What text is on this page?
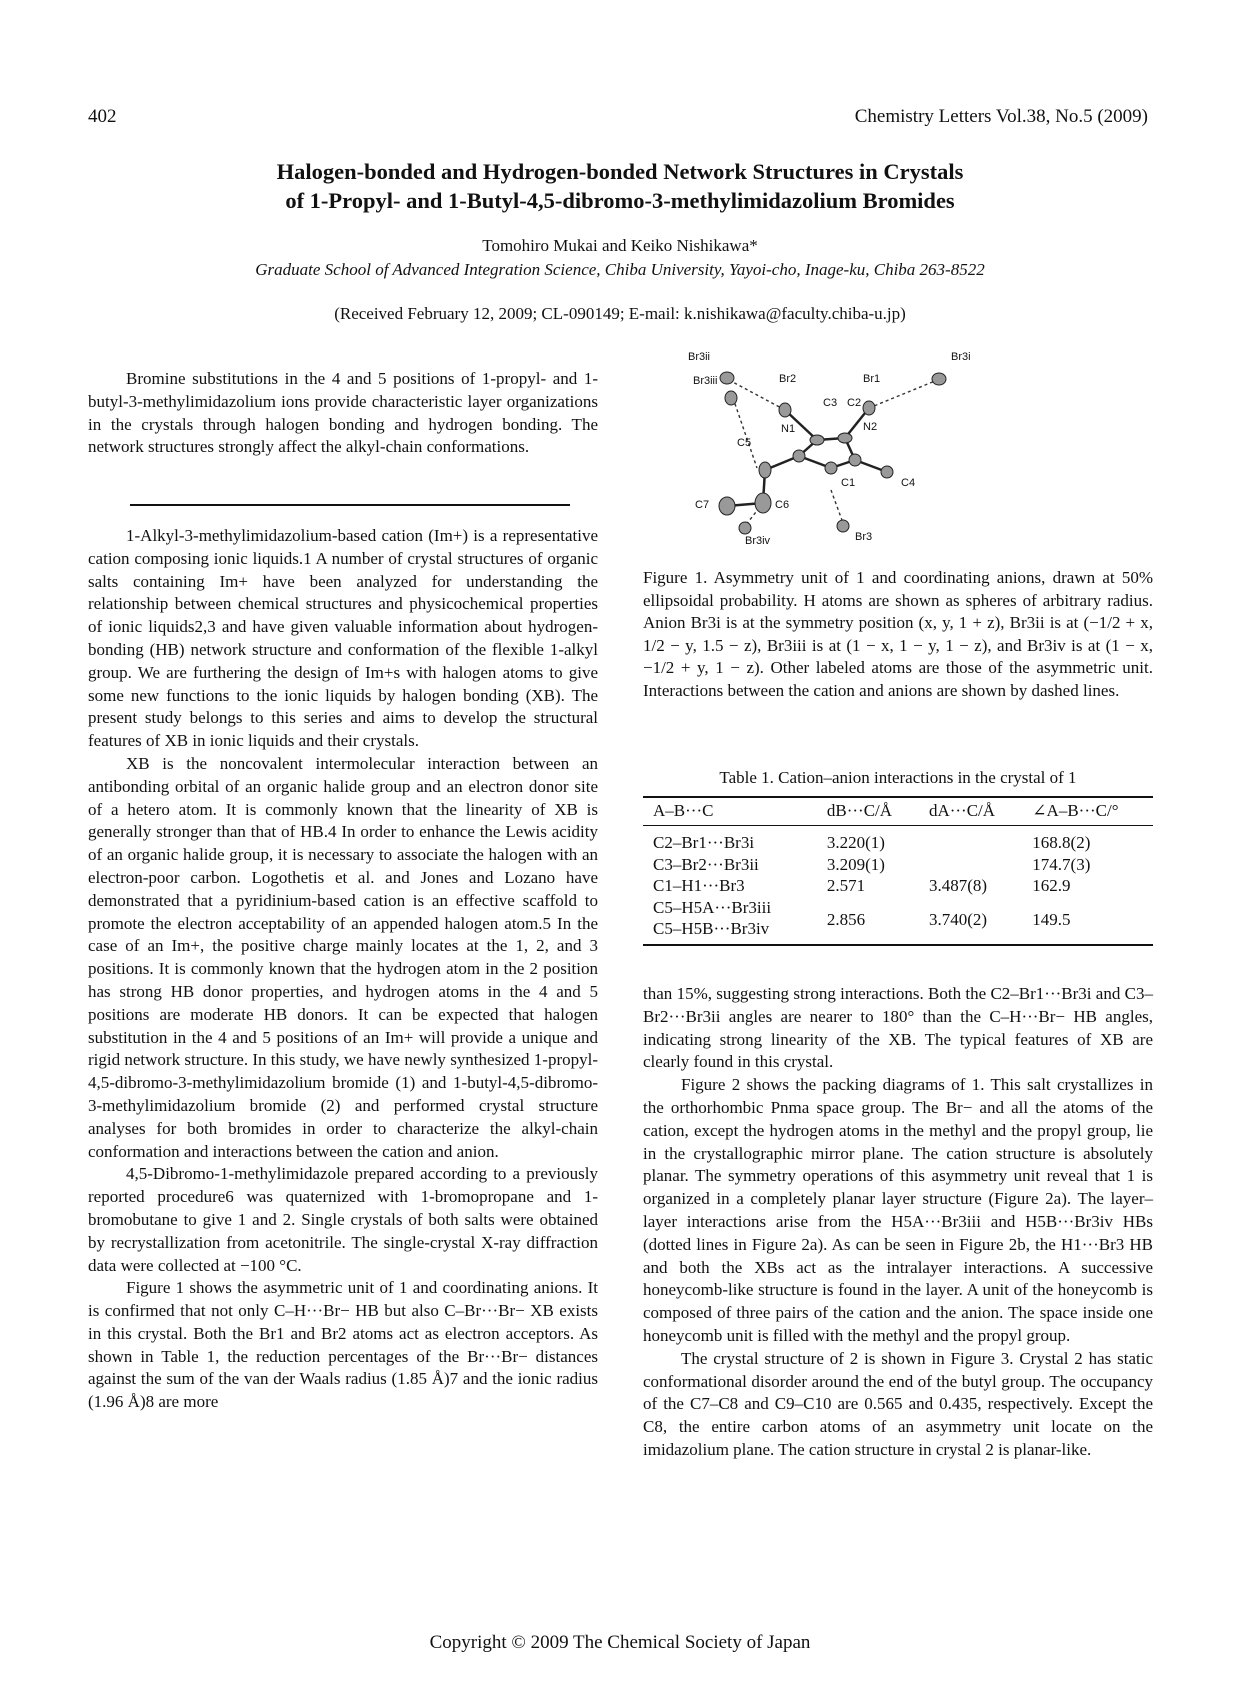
402	Chemistry Letters Vol.38, No.5 (2009)
Halogen-bonded and Hydrogen-bonded Network Structures in Crystals
of 1-Propyl- and 1-Butyl-4,5-dibromo-3-methylimidazolium Bromides
Tomohiro Mukai and Keiko Nishikawa*
Graduate School of Advanced Integration Science, Chiba University, Yayoi-cho, Inage-ku, Chiba 263-8522
(Received February 12, 2009; CL-090149; E-mail: k.nishikawa@faculty.chiba-u.jp)

Bromine substitutions in the 4 and 5 positions of 1-propyl- and 1-butyl-3-methylimidazolium ions provide characteristic layer organizations in the crystals through halogen bonding and hydrogen bonding. The network structures strongly affect the alkyl-chain conformations.

1-Alkyl-3-methylimidazolium-based cation (Im+) is a representative cation composing ionic liquids.1 A number of crystal structures of organic salts containing Im+ have been analyzed for understanding the relationship between chemical structures and physicochemical properties of ionic liquids2,3 and have given valuable information about hydrogen-bonding (HB) network structure and conformation of the flexible 1-alkyl group. We are furthering the design of Im+s with halogen atoms to give some new functions to the ionic liquids by halogen bonding (XB). The present study belongs to this series and aims to develop the structural features of XB in ionic liquids and their crystals.

XB is the noncovalent intermolecular interaction between an antibonding orbital of an organic halide group and an electron donor site of a hetero atom. It is commonly known that the linearity of XB is generally stronger than that of HB.4 In order to enhance the Lewis acidity of an organic halide group, it is necessary to associate the halogen with an electron-poor carbon. Logothetis et al. and Jones and Lozano have demonstrated that a pyridinium-based cation is an effective scaffold to promote the electron acceptability of an appended halogen atom.5 In the case of an Im+, the positive charge mainly locates at the 1, 2, and 3 positions. It is commonly known that the hydrogen atom in the 2 position has strong HB donor properties, and hydrogen atoms in the 4 and 5 positions are moderate HB donors. It can be expected that halogen substitution in the 4 and 5 positions of an Im+ will provide a unique and rigid network structure. In this study, we have newly synthesized 1-propyl-4,5-dibromo-3-methylimidazolium bromide (1) and 1-butyl-4,5-dibromo-3-methylimidazolium bromide (2) and performed crystal structure analyses for both bromides in order to characterize the alkyl-chain conformation and interactions between the cation and anion.

4,5-Dibromo-1-methylimidazole prepared according to a previously reported procedure6 was quaternized with 1-bromopropane and 1-bromobutane to give 1 and 2. Single crystals of both salts were obtained by recrystallization from acetonitrile. The single-crystal X-ray diffraction data were collected at −100 °C.

Figure 1 shows the asymmetric unit of 1 and coordinating anions. It is confirmed that not only C–H···Br− HB but also C–Br···Br− XB exists in this crystal. Both the Br1 and Br2 atoms act as electron acceptors. As shown in Table 1, the reduction percentages of the Br···Br− distances against the sum of the van der Waals radius (1.85 Å)7 and the ionic radius (1.96 Å)8 are more

Br3ii
Br3iii	Br2
C3 C2
Br1
Br3i
N1	N2
C5
C1	C4
C7	C6
Br3iv	Br3
Figure 1. Asymmetry unit of 1 and coordinating anions, drawn at 50% ellipsoidal probability. H atoms are shown as spheres of arbitrary radius. Anion Br3i is at the symmetry position (x, y, 1 + z), Br3ii is at (−1/2 + x, 1/2 − y, 1.5 − z), Br3iii is at (1 − x, 1 − y, 1 − z), and Br3iv is at (1 − x, −1/2 + y, 1 − z). Other labeled atoms are those of the asymmetric unit. Interactions between the cation and anions are shown by dashed lines.
Table 1. Cation–anion interactions in the crystal of 1
A–B···C	dB···C/Å	dA···C/Å	∠A–B···C/°
C2–Br1···Br3i	3.220(1)		168.8(2)
C3–Br2···Br3ii	3.209(1)		174.7(3)
C1–H1···Br3	2.571	3.487(8)	162.9
C5–H5A···Br3iii
C5–H5B···Br3iv	2.856	3.740(2)	149.5

than 15%, suggesting strong interactions. Both the C2–Br1···Br3i and C3–Br2···Br3ii angles are nearer to 180° than the C–H···Br− HB angles, indicating strong linearity of the XB. The typical features of XB are clearly found in this crystal.

Figure 2 shows the packing diagrams of 1. This salt crystallizes in the orthorhombic Pnma space group. The Br− and all the atoms of the cation, except the hydrogen atoms in the methyl and the propyl group, lie in the crystallographic mirror plane. The cation structure is absolutely planar. The symmetry operations of this asymmetry unit reveal that 1 is organized in a completely planar layer structure (Figure 2a). The layer–layer interactions arise from the H5A···Br3iii and H5B···Br3iv HBs (dotted lines in Figure 2a). As can be seen in Figure 2b, the H1···Br3 HB and both the XBs act as the intralayer interactions. A successive honeycomb-like structure is found in the layer. A unit of the honeycomb is composed of three pairs of the cation and the anion. The space inside one honeycomb unit is filled with the methyl and the propyl group.

The crystal structure of 2 is shown in Figure 3. Crystal 2 has static conformational disorder around the end of the butyl group. The occupancy of the C7–C8 and C9–C10 are 0.565 and 0.435, respectively. Except the C8, the entire carbon atoms of an asymmetry unit locate on the imidazolium plane. The cation structure in crystal 2 is planar-like.

Copyright © 2009 The Chemical Society of Japan
